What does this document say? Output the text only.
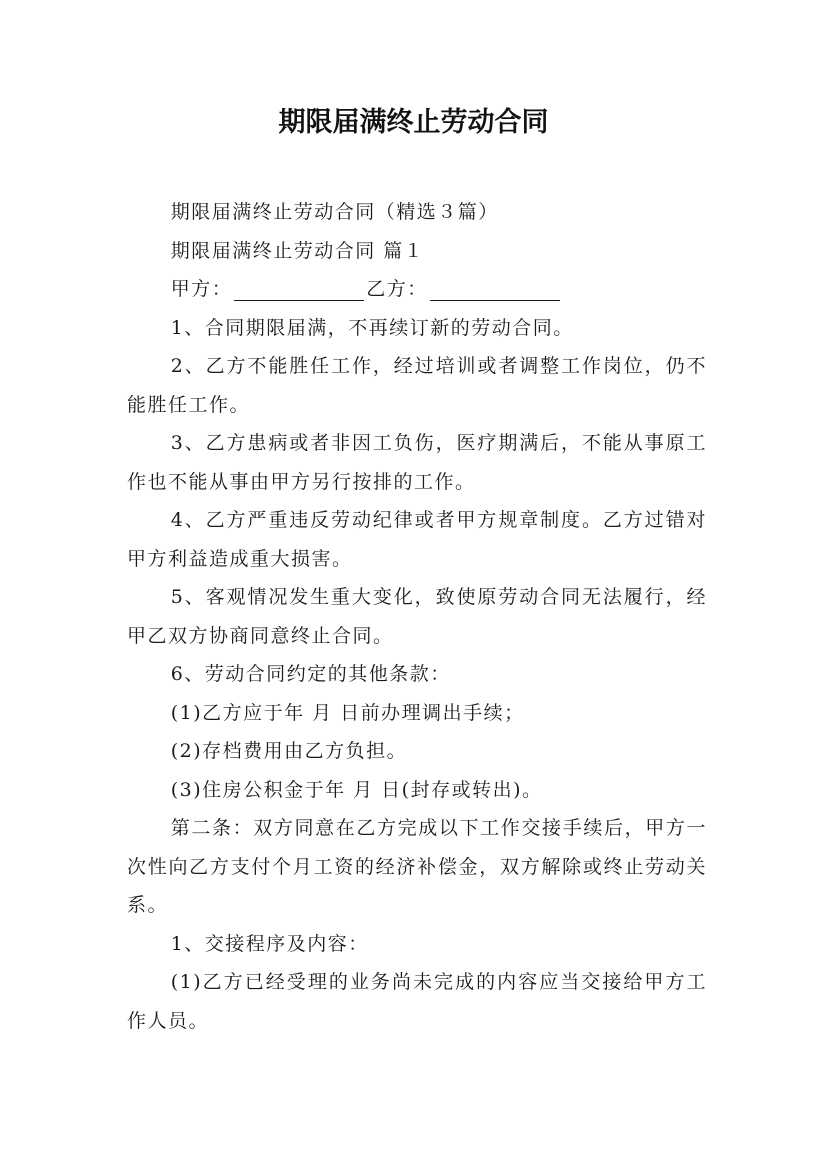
期限届满终止劳动合同

期限届满终止劳动合同（精选３篇）

期限届满终止劳动合同 篇１

甲方：	乙方：

1、合同期限届满，不再续订新的劳动合同。

2、乙方不能胜任工作，经过培训或者调整工作岗位，仍不能胜任工作。

3、乙方患病或者非因工负伤，医疗期满后，不能从事原工作也不能从事由甲方另行按排的工作。

4、乙方严重违反劳动纪律或者甲方规章制度。乙方过错对甲方利益造成重大损害。

5、客观情况发生重大变化，致使原劳动合同无法履行，经甲乙双方协商同意终止合同。

6、劳动合同约定的其他条款：

(1)乙方应于年 月 日前办理调出手续；

(2)存档费用由乙方负担。

(3)住房公积金于年 月 日(封存或转出)。

第二条：双方同意在乙方完成以下工作交接手续后，甲方一次性向乙方支付个月工资的经济补偿金，双方解除或终止劳动关系。

1、交接程序及内容：

(1)乙方已经受理的业务尚未完成的内容应当交接给甲方工作人员。
